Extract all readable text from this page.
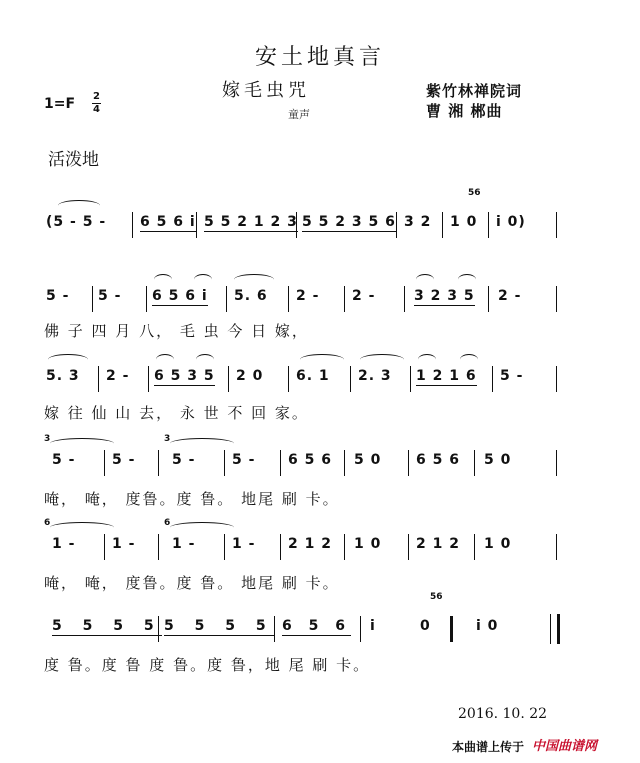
安土地真言
嫁毛虫咒
童声
1=F 2
4
紫竹林禅院词
曹 湘 郴曲
活泼地
(5 - 5 - 6 5 6 i 5 5 2 1 2 3 5 5 2 3 5 6 3 2
56
1 0 i 0)
5 - 5 - 6 5 6 i 5. 6 2 - 2 -	3 2 3 5 2 -
佛 子 四 月 八， 毛 虫 今 日 嫁，
5. 3 2 - 6 5 3 5 2 0 6. 1 2. 3 1 2 1 6 5 -
嫁 往 仙 山 去， 永 世 不 回 家。
3
5 -	5 -
3
5 -	5 - 6 5 6 5 0 6 5 6 5 0
唵， 唵， 度鲁。度 鲁。 地尾 刷 卡。
6
1 -	1 -
6
1 -	1 - 2 1 2 1 0 2 1 2 1 0
唵， 唵， 度鲁。度 鲁。 地尾 刷 卡。
5 5 5 5 5 5 5 5 6 5 6 i
56
0	i 0
度 鲁。度 鲁 度 鲁。度 鲁，地 尾 刷 卡。
2016. 10. 22
本曲谱上传于 中国曲谱网
